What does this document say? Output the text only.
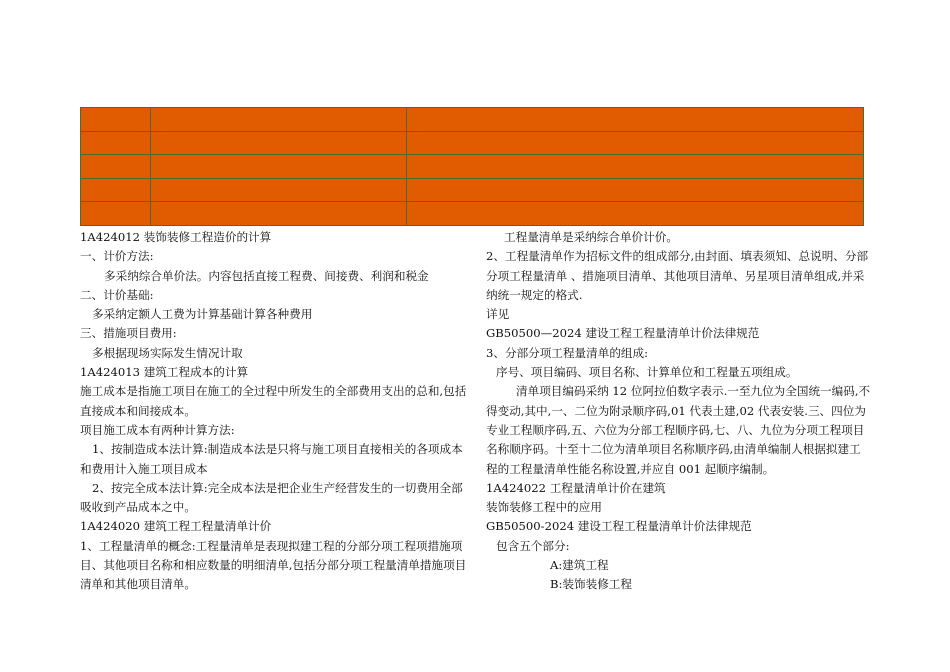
1A424012 装饰装修工程造价的计算

一、计价方法:

多采纳综合单价法。内容包括直接工程费、间接费、利润和税金

二、计价基础:

多采纳定额人工费为计算基础计算各种费用

三、措施项目费用:

多根据现场实际发生情况计取

1A424013 建筑工程成本的计算

施工成本是指施工项目在施工的全过程中所发生的全部费用支出的总和,包括直接成本和间接成本。

项目施工成本有两种计算方法:

1、按制造成本法计算:制造成本法是只将与施工项目直接相关的各项成本和费用计入施工项目成本

2、按完全成本法计算:完全成本法是把企业生产经营发生的一切费用全部吸收到产品成本之中。

1A424020 建筑工程工程量清单计价

1、工程量清单的概念:工程量清单是表现拟建工程的分部分项工程项措施项目、其他项目名称和相应数量的明细清单,包括分部分项工程量清单措施项目清单和其他项目清单。

工程量清单是采纳综合单价计价。

2、工程量清单作为招标文件的组成部分,由封面、填表须知、总说明、分部分项工程量清单 、措施项目清单、其他项目清单、另星项目清单组成,并采纳统一规定的格式.

详见

GB50500—2024 建设工程工程量清单计价法律规范

3、分部分项工程量清单的组成:

序号、项目编码、项目名称、计算单位和工程量五项组成。

清单项目编码采纳 12 位阿拉伯数字表示.一至九位为全国统一编码,不得变动,其中,一、二位为附录顺序码,01 代表土建,02 代表安装.三、四位为专业工程顺序码,五、六位为分部工程顺序码,七、八、九位为分项工程项目名称顺序码。十至十二位为清单项目名称顺序码,由清单编制人根据拟建工程的工程量清单性能名称设置,并应自 001 起顺序编制。

1A424022 工程量清单计价在建筑

装饰装修工程中的应用

GB50500-2024 建设工程工程量清单计价法律规范

包含五个部分:

A:建筑工程

B:装饰装修工程
